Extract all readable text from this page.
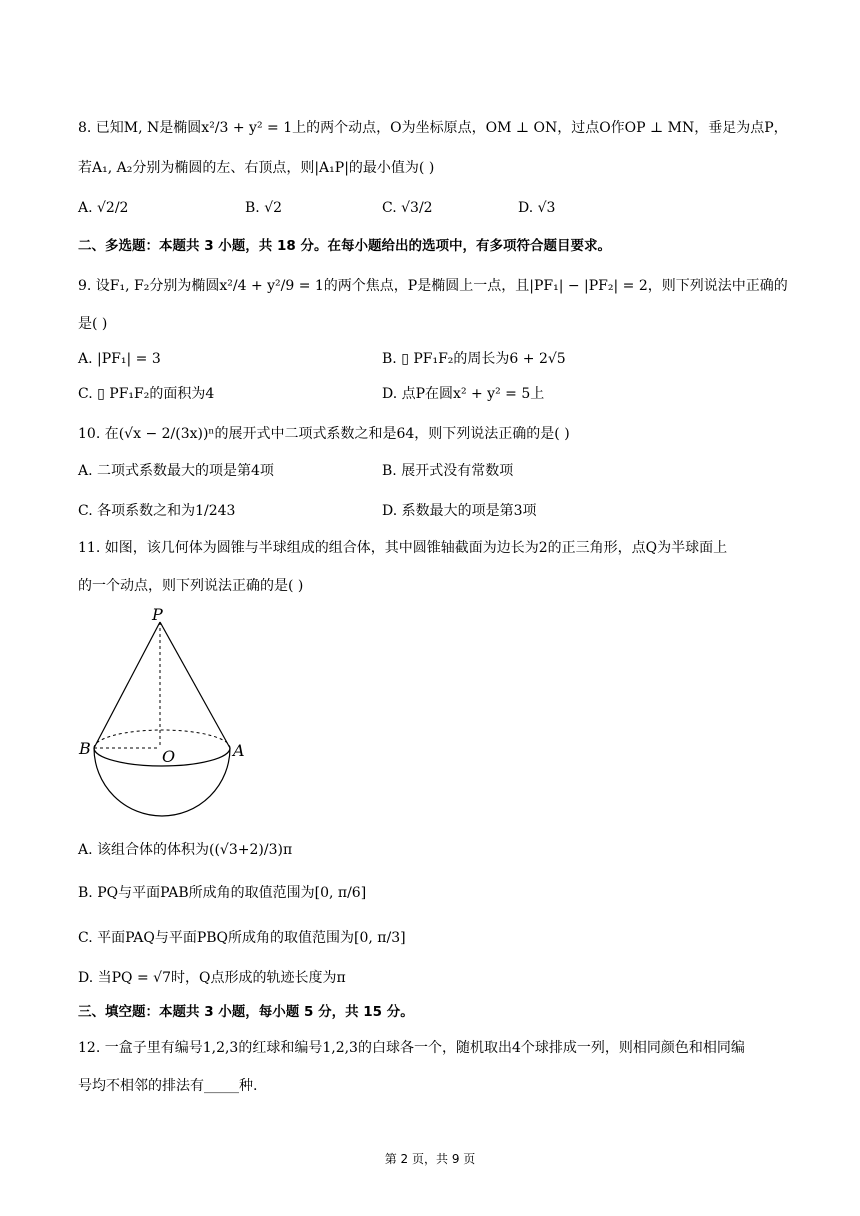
8. 已知M, N是椭圆x²/3 + y² = 1上的两个动点，O为坐标原点，OM ⊥ ON，过点O作OP ⊥ MN，垂足为点P，
若A₁, A₂分别为椭圆的左、右顶点，则|A₁P|的最小值为( )
A. √2/2	B. √2	C. √3/2	D. √3
二、多选题：本题共 3 小题，共 18 分。在每小题给出的选项中，有多项符合题目要求。
9. 设F₁, F₂分别为椭圆x²/4 + y²/9 = 1的两个焦点，P是椭圆上一点，且|PF₁| − |PF₂| = 2，则下列说法中正确的
是( )
A. |PF₁| = 3	B. ▯ PF₁F₂的周长为6 + 2√5
C. ▯ PF₁F₂的面积为4	D. 点P在圆x² + y² = 5上
10. 在(√x − 2/(3x))ⁿ的展开式中二项式系数之和是64，则下列说法正确的是( )
A. 二项式系数最大的项是第4项	B. 展开式没有常数项
C. 各项系数之和为1/243	D. 系数最大的项是第3项
11. 如图，该几何体为圆锥与半球组成的组合体，其中圆锥轴截面为边长为2的正三角形，点Q为半球面上
的一个动点，则下列说法正确的是( )
P
B	O	A
A. 该组合体的体积为((√3+2)/3)π
B. PQ与平面PAB所成角的取值范围为[0, π/6]
C. 平面PAQ与平面PBQ所成角的取值范围为[0, π/3]
D. 当PQ = √7时，Q点形成的轨迹长度为π
三、填空题：本题共 3 小题，每小题 5 分，共 15 分。
12. 一盒子里有编号1,2,3的红球和编号1,2,3的白球各一个，随机取出4个球排成一列，则相同颜色和相同编
号均不相邻的排法有_____种.
第 2 页，共 9 页
